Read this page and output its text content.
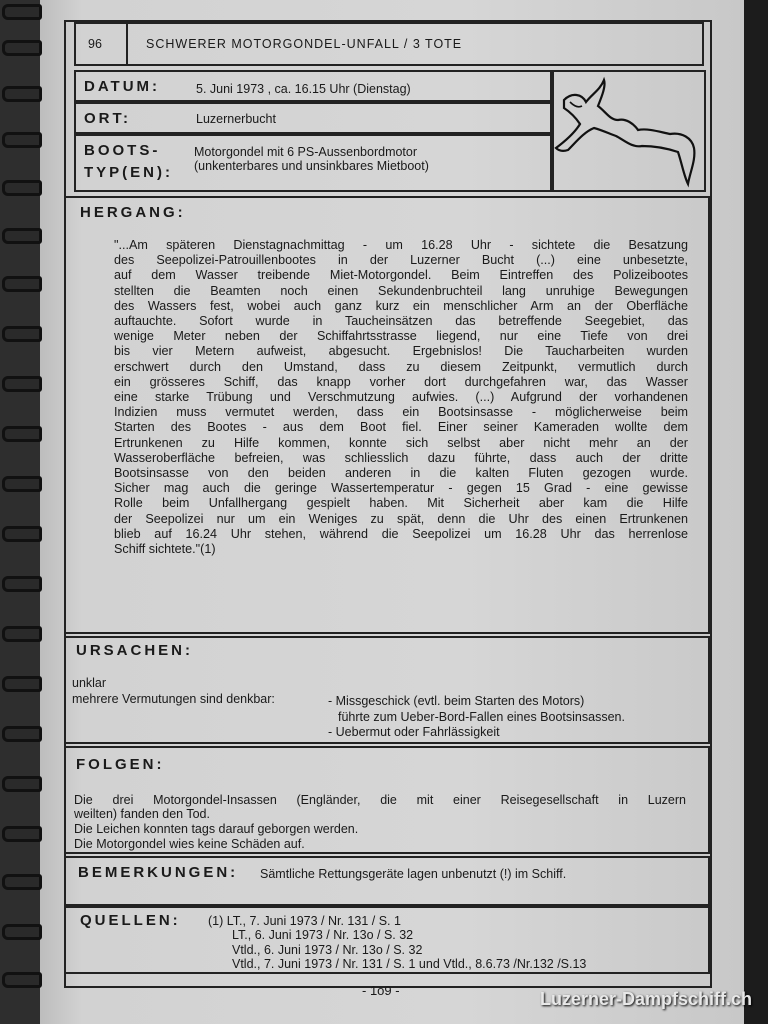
96	SCHWERER MOTORGONDEL-UNFALL / 3 TOTE
DATUM:	5. Juni 1973 , ca. 16.15 Uhr (Dienstag)
ORT:	Luzernerbucht
BOOTS-
TYP(EN):
Motorgondel mit 6 PS-Aussenbordmotor
(unkenterbares und unsinkbares Mietboot)
HERGANG:
"...Am späteren Dienstagnachmittag - um 16.28 Uhr - sichtete die Besatzung
des Seepolizei-Patrouillenbootes in der Luzerner Bucht (...) eine unbesetzte,
auf dem Wasser treibende Miet-Motorgondel. Beim Eintreffen des Polizeibootes
stellten die Beamten noch einen Sekundenbruchteil lang unruhige Bewegungen
des Wassers fest, wobei auch ganz kurz ein menschlicher Arm an der Oberfläche
auftauchte. Sofort wurde in Taucheinsätzen das betreffende Seegebiet, das
wenige Meter neben der Schiffahrtsstrasse liegend, nur eine Tiefe von drei
bis vier Metern aufweist, abgesucht. Ergebnislos! Die Taucharbeiten wurden
erschwert durch den Umstand, dass zu diesem Zeitpunkt, vermutlich durch
ein grösseres Schiff, das knapp vorher dort durchgefahren war, das Wasser
eine starke Trübung und Verschmutzung aufwies. (...) Aufgrund der vorhandenen
Indizien muss vermutet werden, dass ein Bootsinsasse - möglicherweise beim
Starten des Bootes - aus dem Boot fiel. Einer seiner Kameraden wollte dem
Ertrunkenen zu Hilfe kommen, konnte sich selbst aber nicht mehr an der
Wasseroberfläche befreien, was schliesslich dazu führte, dass auch der dritte
Bootsinsasse von den beiden anderen in die kalten Fluten gezogen wurde.
Sicher mag auch die geringe Wassertemperatur - gegen 15 Grad - eine gewisse
Rolle beim Unfallhergang gespielt haben. Mit Sicherheit aber kam die Hilfe
der Seepolizei nur um ein Weniges zu spät, denn die Uhr des einen Ertrunkenen
blieb auf 16.24 Uhr stehen, während die Seepolizei um 16.28 Uhr das herrenlose
Schiff sichtete."(1)
URSACHEN:
unklar
mehrere Vermutungen sind denkbar:	- Missgeschick (evtl. beim Starten des Motors)
führte zum Ueber-Bord-Fallen eines Bootsinsassen.
- Uebermut oder Fahrlässigkeit
FOLGEN:
Die drei Motorgondel-Insassen (Engländer, die mit einer Reisegesellschaft in Luzern
weilten) fanden den Tod.
Die Leichen konnten tags darauf geborgen werden.
Die Motorgondel wies keine Schäden auf.
BEMERKUNGEN: Sämtliche Rettungsgeräte lagen unbenutzt (!) im Schiff.
QUELLEN: (1) LT., 7. Juni 1973 / Nr. 131 / S. 1
LT., 6. Juni 1973 / Nr. 13o / S. 32
Vtld., 6. Juni 1973 / Nr. 13o / S. 32
Vtld., 7. Juni 1973 / Nr. 131 / S. 1 und Vtld., 8.6.73 /Nr.132 /S.13
- 1o9 -	Luzerner-Dampfschiff.ch
